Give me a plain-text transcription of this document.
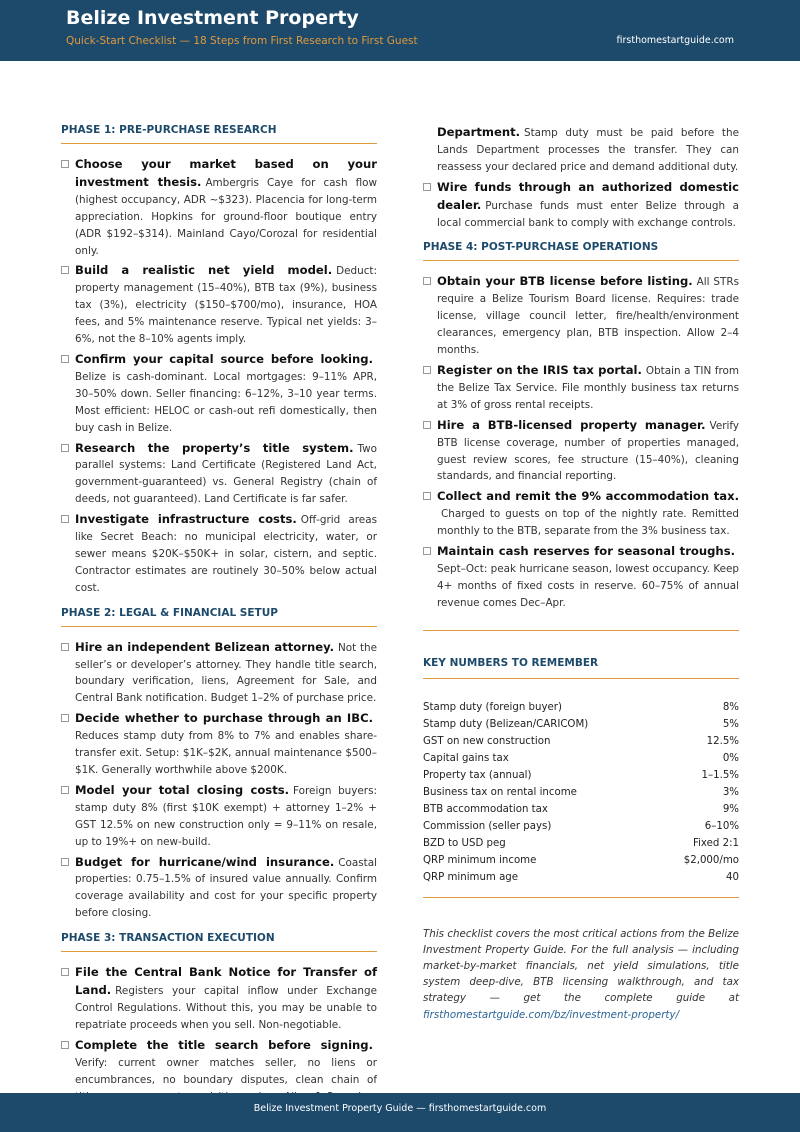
Belize Investment Property
Quick-Start Checklist — 18 Steps from First Research to First Guest	firsthomestartguide.com
PHASE 1: PRE-PURCHASE RESEARCH
Choose your market based on your investment thesis. Ambergris Caye for cash flow (highest occupancy, ADR ~$323). Placencia for long-term appreciation. Hopkins for ground-floor boutique entry (ADR $192–$314). Mainland Cayo/Corozal for residential only.
Build a realistic net yield model. Deduct: property management (15–40%), BTB tax (9%), business tax (3%), electricity ($150–$700/mo), insurance, HOA fees, and 5% maintenance reserve. Typical net yields: 3–6%, not the 8–10% agents imply.
Confirm your capital source before looking.Belize is cash-dominant. Local mortgages: 9–11% APR, 30–50% down. Seller financing: 6–12%, 3–10 year terms. Most efficient: HELOC or cash-out refi domestically, then buy cash in Belize.
Research the property’s title system. Two parallel systems: Land Certificate (Registered Land Act, government-guaranteed) vs. General Registry (chain of deeds, not guaranteed). Land Certificate is far safer.
Investigate infrastructure costs. Off-grid areas like Secret Beach: no municipal electricity, water, or sewer means $20K–$50K+ in solar, cistern, and septic. Contractor estimates are routinely 30–50% below actual cost.
PHASE 2: LEGAL & FINANCIAL SETUP
Hire an independent Belizean attorney. Not the seller’s or developer’s attorney. They handle title search, boundary verification, liens, Agreement for Sale, and Central Bank notification. Budget 1–2% of purchase price.
Decide whether to purchase through an IBC.Reduces stamp duty from 8% to 7% and enables share-transfer exit. Setup: $1K–$2K, annual maintenance $500–$1K. Generally worthwhile above $200K.
Model your total closing costs. Foreign buyers: stamp duty 8% (first $10K exempt) + attorney 1–2% + GST 12.5% on new construction only = 9–11% on resale, up to 19%+ on new-build.
Budget for hurricane/wind insurance. Coastal properties: 0.75–1.5% of insured value annually. Confirm coverage availability and cost for your specific property before closing.
PHASE 3: TRANSACTION EXECUTION
File the Central Bank Notice for Transfer of Land. Registers your capital inflow under Exchange Control Regulations. Without this, you may be unable to repatriate proceeds when you sell. Non-negotiable.
Complete the title search before signing.Verify: current owner matches seller, no liens or encumbrances, no boundary disputes, clean chain of
Department. Stamp duty must be paid before the Lands Department processes the transfer. They can reassess your declared price and demand additional duty.
Wire funds through an authorized domestic dealer. Purchase funds must enter Belize through a local commercial bank to comply with exchange controls.
PHASE 4: POST-PURCHASE OPERATIONS
Obtain your BTB license before listing. All STRs require a Belize Tourism Board license. Requires: trade license, village council letter, fire/health/environment clearances, emergency plan, BTB inspection. Allow 2–4 months.
Register on the IRIS tax portal. Obtain a TIN from the Belize Tax Service. File monthly business tax returns at 3% of gross rental receipts.
Hire a BTB-licensed property manager. Verify BTB license coverage, number of properties managed, guest review scores, fee structure (15–40%), cleaning standards, and financial reporting.
Collect and remit the 9% accommodation tax.Charged to guests on top of the nightly rate. Remitted monthly to the BTB, separate from the 3% business tax.
Maintain cash reserves for seasonal troughs.Sept–Oct: peak hurricane season, lowest occupancy. Keep 4+ months of fixed costs in reserve. 60–75% of annual revenue comes Dec–Apr.
KEY NUMBERS TO REMEMBER
Stamp duty (foreign buyer)	8%
Stamp duty (Belizean/CARICOM)	5%
GST on new construction	12.5%
Capital gains tax	0%
Property tax (annual)	1–1.5%
Business tax on rental income	3%
BTB accommodation tax	9%
Commission (seller pays)	6–10%
BZD to USD peg	Fixed 2:1
QRP minimum income	$2,000/mo
QRP minimum age	40
This checklist covers the most critical actions from the Belize Investment Property Guide. For the full analysis — including market-by-market financials, net yield simulations, title system deep-dive, BTB licensing walkthrough, and tax strategy — get the complete guide at firsthomestartguide.com/bz/investment-property/
Belize Investment Property Guide — firsthomestartguide.com
